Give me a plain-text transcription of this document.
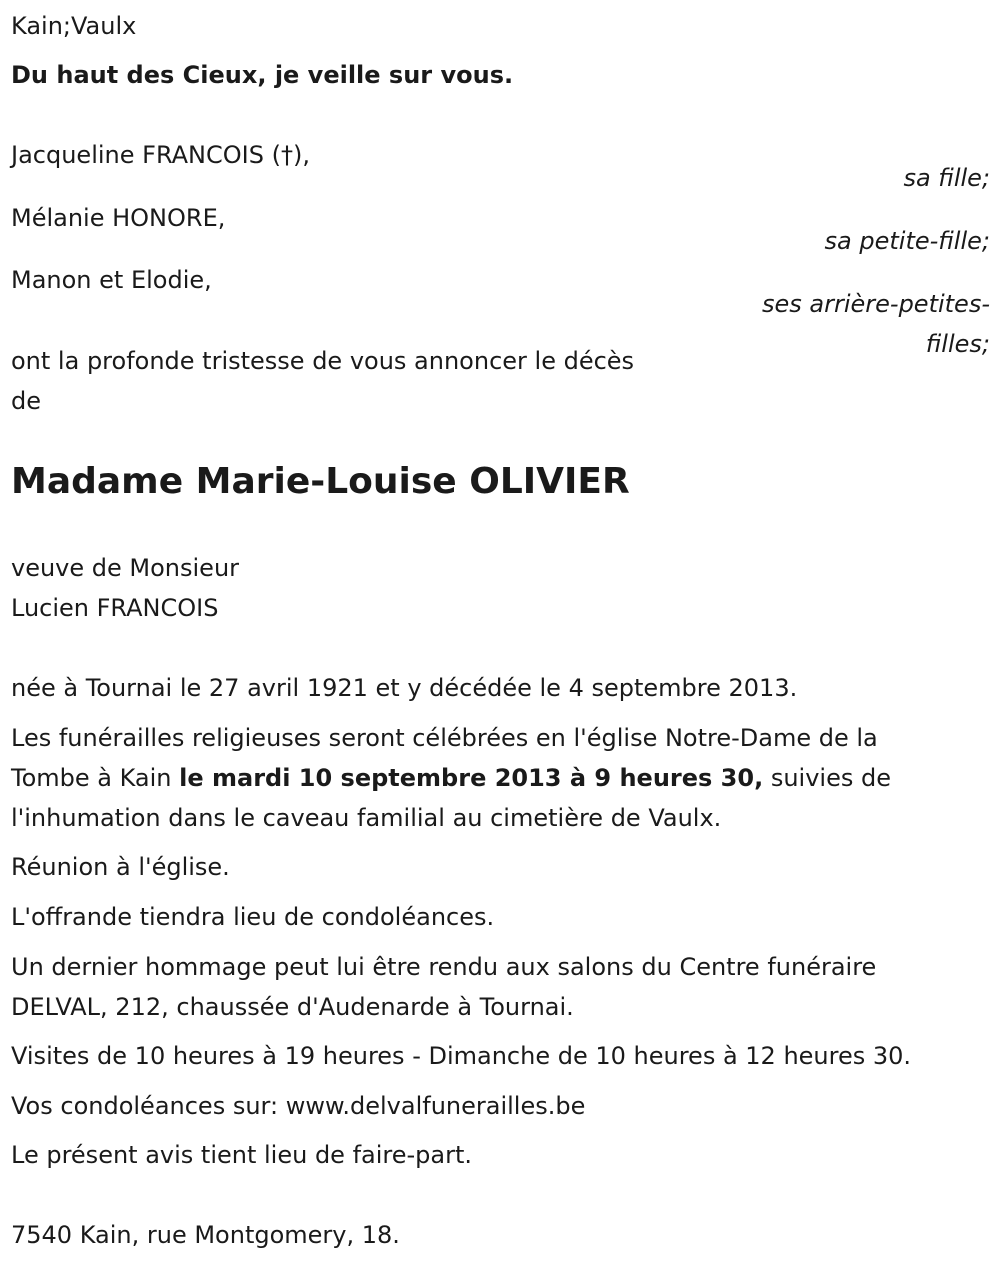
Kain;Vaulx

Du haut des Cieux, je veille sur vous.

Jacqueline FRANCOIS (†),

sa fille;

Mélanie HONORE,

sa petite-fille;

Manon et Elodie,

ses arrière-petites-

filles;

ont la profonde tristesse de vous annoncer le décès

de

Madame Marie-Louise OLIVIER

veuve de Monsieur

Lucien FRANCOIS

née à Tournai le 27 avril 1921 et y décédée le 4 septembre 2013.

Les funérailles religieuses seront célébrées en l'église Notre-Dame de la

Tombe à Kain le mardi 10 septembre 2013 à 9 heures 30, suivies de

l'inhumation dans le caveau familial au cimetière de Vaulx.

Réunion à l'église.

L'offrande tiendra lieu de condoléances.

Un dernier hommage peut lui être rendu aux salons du Centre funéraire

DELVAL, 212, chaussée d'Audenarde à Tournai.

Visites de 10 heures à 19 heures - Dimanche de 10 heures à 12 heures 30.

Vos condoléances sur: www.delvalfunerailles.be

Le présent avis tient lieu de faire-part.

7540 Kain, rue Montgomery, 18.
